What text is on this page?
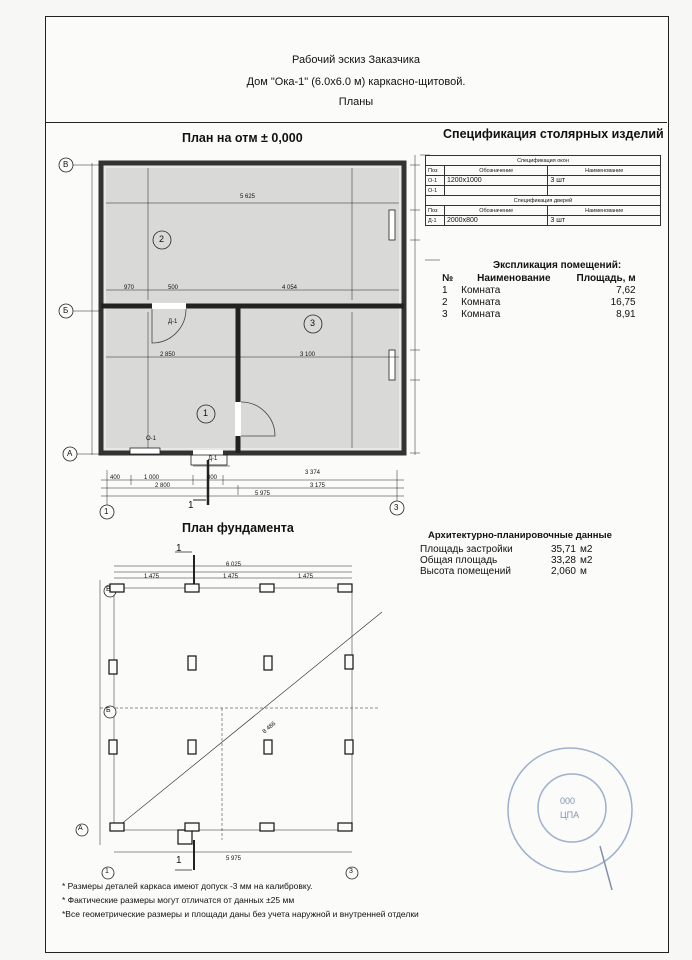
Рабочий эскиз Заказчика
Дом "Ока-1" (6.0х6.0 м) каркасно-щитовой.
Планы
План на отм ± 0,000
План фундамента
Спецификация столярных изделий
Спецификация окон		
Поз	Обозначение	Наименование
О-1	1200х1000	3 шт
О-1		
Спецификация дверей		
Поз	Обозначение	Наименование
Д-1	2000х800	3 шт
Экспликация помещений:
№	Наименование	Площадь, м
1	Комната	7,62
2	Комната	16,75
3	Комната	8,91
Архитектурно-планировочные данные
Площадь застройки	35,71	м2
Общая площадь	33,28	м2
Высота помещений	2,060	м
* Размеры деталей каркаса имеют допуск -3 мм на калибровку.
* Фактические размеры могут отличатся от данных ±25 мм
*Все геометрические размеры и площади даны без учета наружной и внутренней отделки
В
Б
А
1	3
2
3
1
5 625
970	500	4 054
2 850	3 100
Д-1
Д-1
О-1
400	1 000	800
3 374
2 800	3 175
5 975
1
6 025
1 475	1 475	1 475
8 486
5 975
1
1
В
Б
А
1	3
000
ЦПА
